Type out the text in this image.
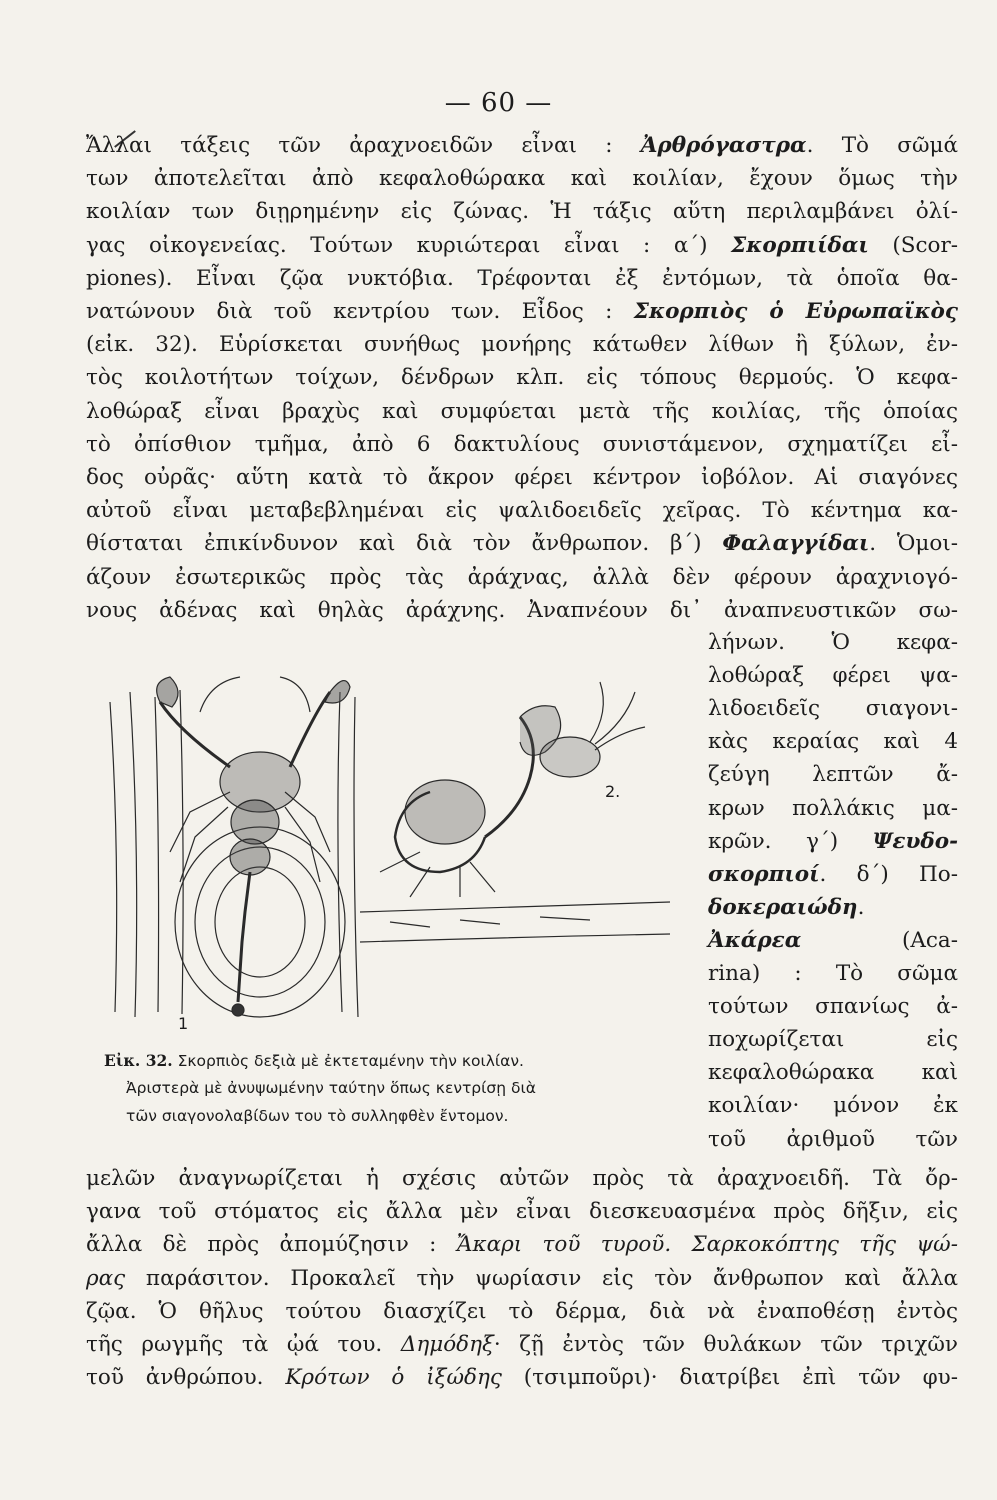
— 60 —
Ἄλλαι τάξεις τῶν ἀραχνοειδῶν εἶναι : Ἀρθρόγαστρα. Τὸ σῶμά
των ἀποτελεῖται ἀπὸ κεφαλοθώρακα καὶ κοιλίαν, ἔχουν ὅμως τὴν
κοιλίαν των διῃρημένην εἰς ζώνας. Ἡ τάξις αὕτη περιλαμβάνει ὀλί-
γας οἰκογενείας. Τούτων κυριώτεραι εἶναι : α΄) Σκορπιίδαι (Scor-
piones). Εἶναι ζῷα νυκτόβια. Τρέφονται ἐξ ἐντόμων, τὰ ὁποῖα θα-
νατώνουν διὰ τοῦ κεντρίου των. Εἶδος : Σκορπιὸς ὁ Εὐρωπαϊκὸς
(εἰκ. 32). Εὑρίσκεται συνήθως μονήρης κάτωθεν λίθων ἢ ξύλων, ἐν-
τὸς κοιλοτήτων τοίχων, δένδρων κλπ. εἰς τόπους θερμούς. Ὁ κεφα-
λοθώραξ εἶναι βραχὺς καὶ συμφύεται μετὰ τῆς κοιλίας, τῆς ὁποίας
τὸ ὀπίσθιον τμῆμα, ἀπὸ 6 δακτυλίους συνιστάμενον, σχηματίζει εἶ-
δος οὐρᾶς· αὕτη κατὰ τὸ ἄκρον φέρει κέντρον ἰοβόλον. Αἱ σιαγόνες
αὐτοῦ εἶναι μεταβεβλημέναι εἰς ψαλιδοειδεῖς χεῖρας. Τὸ κέντημα κα-
θίσταται ἐπικίνδυνον καὶ διὰ τὸν ἄνθρωπον. β΄) Φαλαγγίδαι. Ὁμοι-
άζουν ἐσωτερικῶς πρὸς τὰς ἀράχνας, ἀλλὰ δὲν φέρουν ἀραχνιογό-
νους ἀδένας καὶ θηλὰς ἀράχνης. Ἀναπνέουν δι᾿ ἀναπνευστικῶν σω-
λήνων. Ὁ κεφα-
λοθώραξ φέρει ψα-
λιδοειδεῖς σιαγονι-
κὰς κεραίας καὶ 4
ζεύγη λεπτῶν ἄ-
κρων πολλάκις μα-
κρῶν. γ΄) Ψευδο-
σκορπιοί. δ΄) Πο-
δοκεραιώδη.
Ἀκάρεα (Aca-
rina) : Τὸ σῶμα
τούτων σπανίως ἀ-
ποχωρίζεται εἰς
κεφαλοθώρακα καὶ
κοιλίαν· μόνον ἐκ
τοῦ ἀριθμοῦ τῶν
μελῶν ἀναγνωρίζεται ἡ σχέσις αὐτῶν πρὸς τὰ ἀραχνοειδῆ. Τὰ ὄρ-
γανα τοῦ στόματος εἰς ἄλλα μὲν εἶναι διεσκευασμένα πρὸς δῆξιν, εἰς
ἄλλα δὲ πρὸς ἀπομύζησιν : Ἄκαρι τοῦ τυροῦ. Σαρκοκόπτης τῆς ψώ-
ρας παράσιτον. Προκαλεῖ τὴν ψωρίασιν εἰς τὸν ἄνθρωπον καὶ ἄλλα
ζῷα. Ὁ θῆλυς τούτου διασχίζει τὸ δέρμα, διὰ νὰ ἐναποθέσῃ ἐντὸς
τῆς ρωγμῆς τὰ ᾠά του. Δημόδηξ· ζῇ ἐντὸς τῶν θυλάκων τῶν τριχῶν
τοῦ ἀνθρώπου. Κρότων ὁ ἰξώδης (τσιμποῦρι)· διατρίβει ἐπὶ τῶν φυ-
1
2.
Εἰκ. 32. Σκορπιὸς δεξιὰ μὲ ἐκτεταμένην τὴν κοιλίαν.
Ἀριστερὰ μὲ ἀνυψωμένην ταύτην ὅπως κεντρίσῃ διὰ
τῶν σιαγονολαβίδων του τὸ συλληφθὲν ἔντομον.
